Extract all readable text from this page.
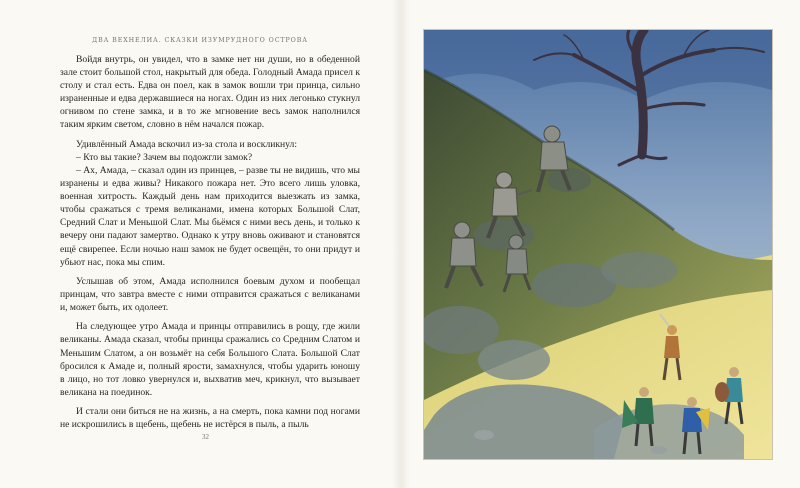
ДВА ВЕХНЕЛИА. СКАЗКИ ИЗУМРУДНОГО ОСТРОВА

Войдя внутрь, он увидел, что в замке нет ни души, но в обеденной зале стоит большой стол, накрытый для обеда. Голодный Амада присел к столу и стал есть. Едва он поел, как в замок вошли три принца, сильно израненные и едва державшиеся на ногах. Один из них легонько стукнул огнивом по стене замка, и в то же мгновение весь замок наполнился таким ярким светом, словно в нём начался пожар.

Удивлённый Амада вскочил из-за стола и воскликнул:

– Кто вы такие? Зачем вы подожгли замок?

– Ах, Амада, – сказал один из принцев, – разве ты не видишь, что мы изранены и едва живы? Никакого пожара нет. Это всего лишь уловка, военная хитрость. Каждый день нам приходится выезжать из замка, чтобы сражаться с тремя великанами, имена которых Большой Слат, Средний Слат и Меньшой Слат. Мы бьёмся с ними весь день, и только к вечеру они падают замертво. Однако к утру вновь оживают и становятся ещё свирепее. Если ночью наш замок не будет освещён, то они придут и убьют нас, пока мы спим.

Услышав об этом, Амада исполнился боевым духом и пообещал принцам, что завтра вместе с ними отправится сражаться с великанами и, может быть, их одолеет.

На следующее утро Амада и принцы отправились в рощу, где жили великаны. Амада сказал, чтобы принцы сражались со Средним Слатом и Меньшим Слатом, а он возьмёт на себя Большого Слата. Большой Слат бросился к Амаде и, полный ярости, замахнулся, чтобы ударить юношу в лицо, но тот ловко увернулся и, выхватив меч, крикнул, что вызывает великана на поединок.

И стали они биться не на жизнь, а на смерть, пока камни под ногами не искрошились в щебень, щебень не истёрся в пыль, а пыль

32
